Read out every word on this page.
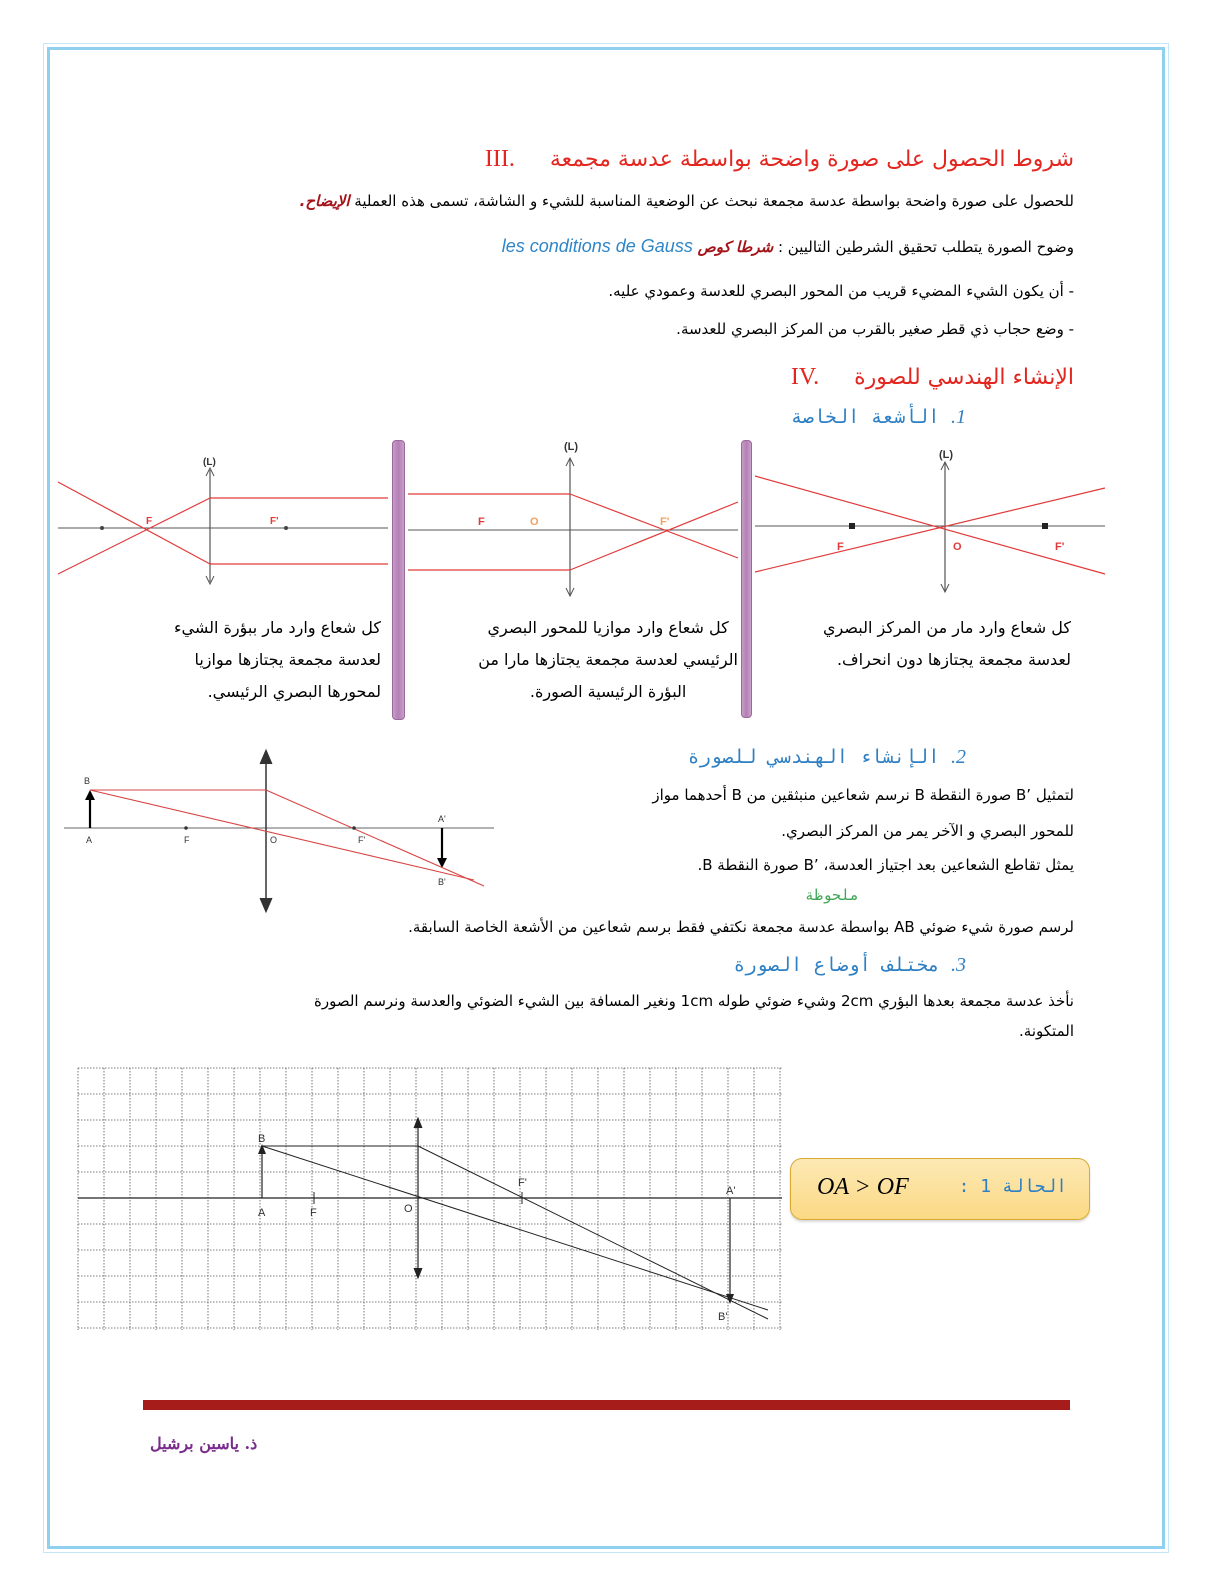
III. شروط الحصول على صورة واضحة بواسطة عدسة مجمعة
للحصول على صورة واضحة بواسطة عدسة مجمعة نبحث عن الوضعية المناسبة للشيء و الشاشة، تسمى هذه العملية الإيضاح.
وضوح الصورة يتطلب تحقيق الشرطين التاليين : شرطا كوص les conditions de Gauss
- أن يكون الشيء المضيء قريب من المحور البصري للعدسة وعمودي عليه.
- وضع حجاب ذي قطر صغير بالقرب من المركز البصري للعدسة.
IV. الإنشاء الهندسي للصورة
1. الأشعة الخاصة
(L)
F	F'
(L)
F	O	F'
(L)
F	O	F'
كل شعاع وارد مار ببؤرة الشيء
لعدسة مجمعة يجتازها موازيا
لمحورها البصري الرئيسي.
كل شعاع وارد موازيا للمحور البصري
الرئيسي لعدسة مجمعة يجتازها مارا من
البؤرة الرئيسية الصورة.
كل شعاع وارد مار من المركز البصري
لعدسة مجمعة يجتازها دون انحراف.
2. الإنشاء الهندسي للصورة
لتمثيل ’B صورة النقطة B نرسم شعاعين منبثقين من B أحدهما مواز
للمحور البصري و الآخر يمر من المركز البصري.
يمثل تقاطع الشعاعين بعد اجتياز العدسة، ’B صورة النقطة B.
ملحوظة
لرسم صورة شيء ضوئي AB بواسطة عدسة مجمعة نكتفي فقط برسم شعاعين من الأشعة الخاصة السابقة.
B
A	F	O	F'
A'
B'
3. مختلف أوضاع الصورة
نأخذ عدسة مجمعة بعدها البؤري 2cm وشيء ضوئي طوله 1cm ونغير المسافة بين الشيء الضوئي والعدسة ونرسم الصورة
المتكونة.
B
A	F	O
F'
A'
B'
الحالة 1 :
OA > OF
ذ. ياسين برشيل
